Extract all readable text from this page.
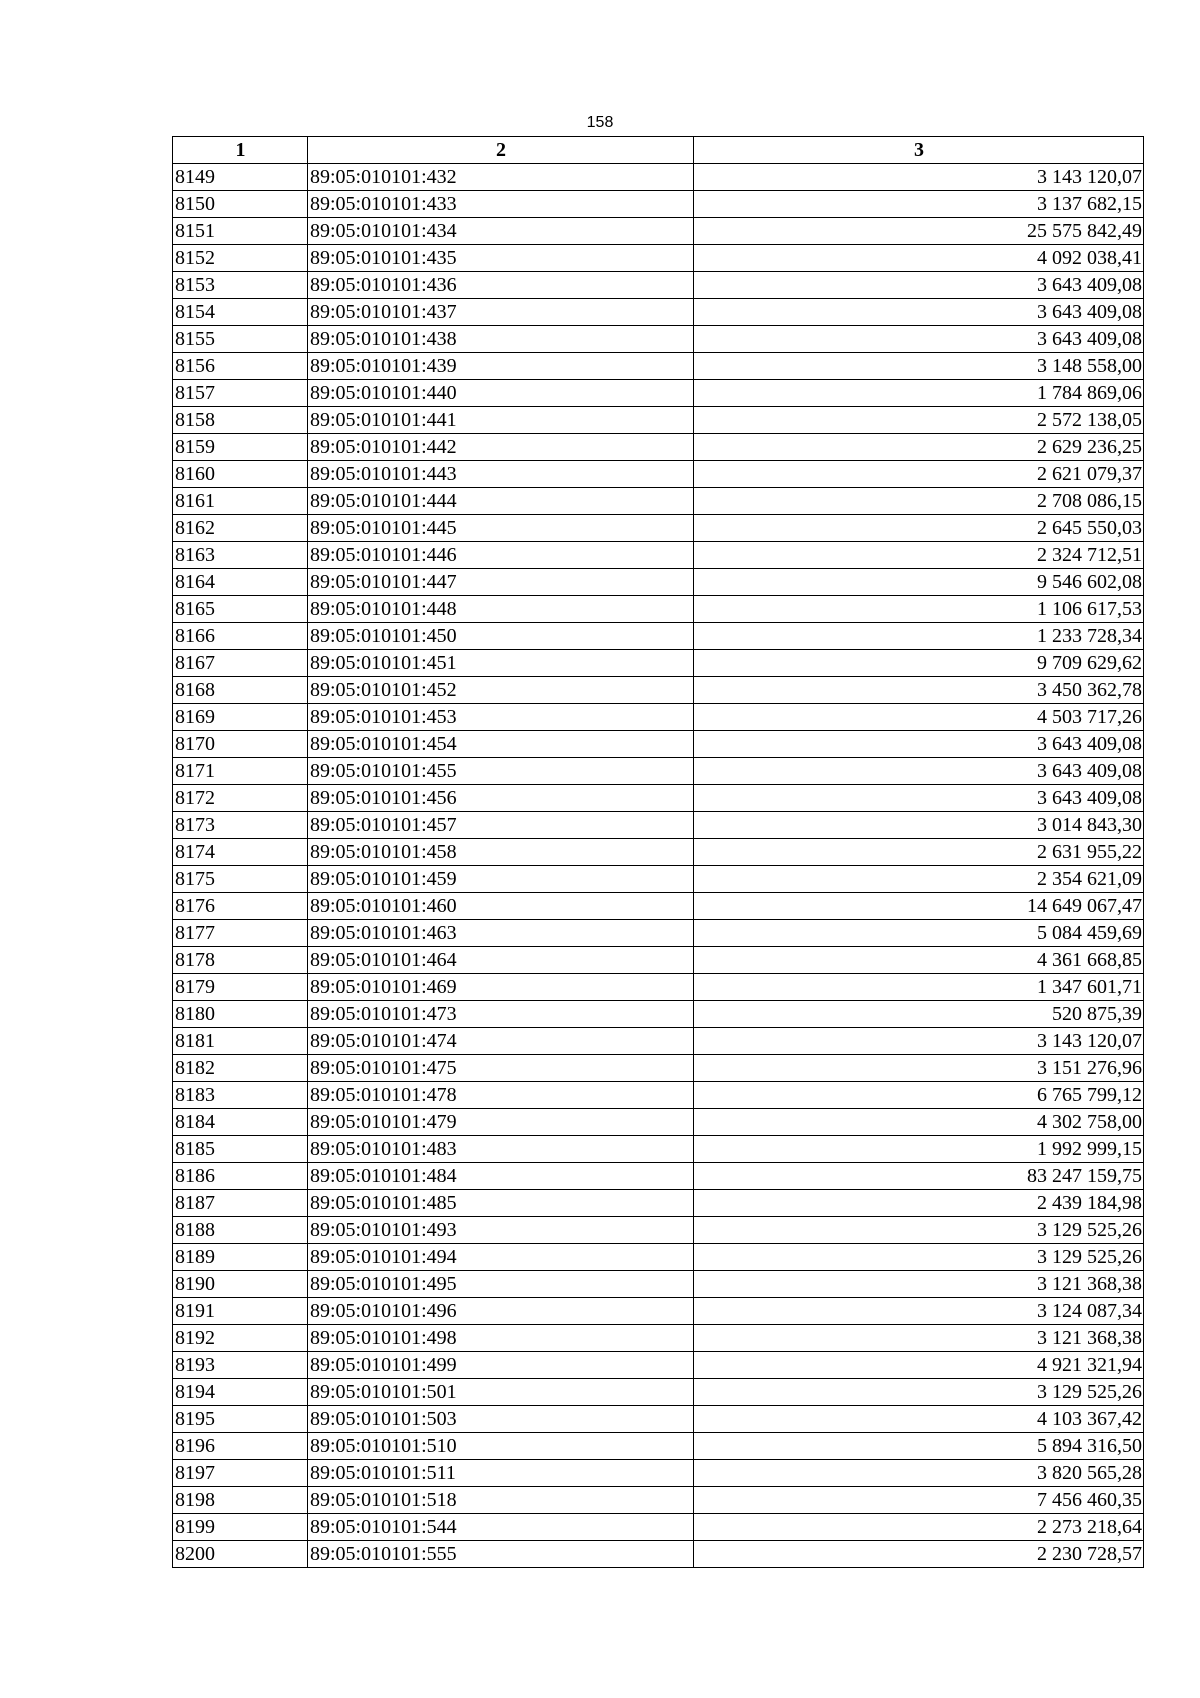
158
1	2	3
8149	89:05:010101:432	3 143 120,07
8150	89:05:010101:433	3 137 682,15
8151	89:05:010101:434	25 575 842,49
8152	89:05:010101:435	4 092 038,41
8153	89:05:010101:436	3 643 409,08
8154	89:05:010101:437	3 643 409,08
8155	89:05:010101:438	3 643 409,08
8156	89:05:010101:439	3 148 558,00
8157	89:05:010101:440	1 784 869,06
8158	89:05:010101:441	2 572 138,05
8159	89:05:010101:442	2 629 236,25
8160	89:05:010101:443	2 621 079,37
8161	89:05:010101:444	2 708 086,15
8162	89:05:010101:445	2 645 550,03
8163	89:05:010101:446	2 324 712,51
8164	89:05:010101:447	9 546 602,08
8165	89:05:010101:448	1 106 617,53
8166	89:05:010101:450	1 233 728,34
8167	89:05:010101:451	9 709 629,62
8168	89:05:010101:452	3 450 362,78
8169	89:05:010101:453	4 503 717,26
8170	89:05:010101:454	3 643 409,08
8171	89:05:010101:455	3 643 409,08
8172	89:05:010101:456	3 643 409,08
8173	89:05:010101:457	3 014 843,30
8174	89:05:010101:458	2 631 955,22
8175	89:05:010101:459	2 354 621,09
8176	89:05:010101:460	14 649 067,47
8177	89:05:010101:463	5 084 459,69
8178	89:05:010101:464	4 361 668,85
8179	89:05:010101:469	1 347 601,71
8180	89:05:010101:473	520 875,39
8181	89:05:010101:474	3 143 120,07
8182	89:05:010101:475	3 151 276,96
8183	89:05:010101:478	6 765 799,12
8184	89:05:010101:479	4 302 758,00
8185	89:05:010101:483	1 992 999,15
8186	89:05:010101:484	83 247 159,75
8187	89:05:010101:485	2 439 184,98
8188	89:05:010101:493	3 129 525,26
8189	89:05:010101:494	3 129 525,26
8190	89:05:010101:495	3 121 368,38
8191	89:05:010101:496	3 124 087,34
8192	89:05:010101:498	3 121 368,38
8193	89:05:010101:499	4 921 321,94
8194	89:05:010101:501	3 129 525,26
8195	89:05:010101:503	4 103 367,42
8196	89:05:010101:510	5 894 316,50
8197	89:05:010101:511	3 820 565,28
8198	89:05:010101:518	7 456 460,35
8199	89:05:010101:544	2 273 218,64
8200	89:05:010101:555	2 230 728,57
